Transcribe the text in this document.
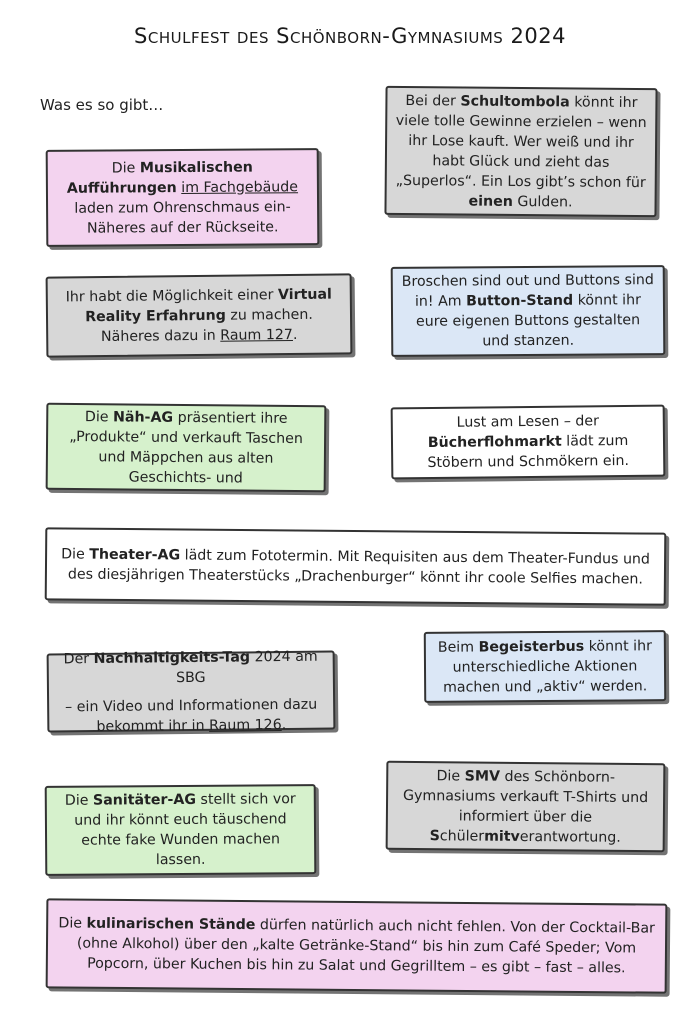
Schulfest des Schönborn-Gymnasiums 2024
Was es so gibt…

Die Musikalischen Aufführungen im Fachgebäude laden zum Ohrenschmaus ein- Näheres auf der Rückseite.

Bei der Schultombola könnt ihr viele tolle Gewinne erzielen – wenn ihr Lose kauft. Wer weiß und ihr habt Glück und zieht das „Superlos“. Ein Los gibt’s schon für einen Gulden.

Ihr habt die Möglichkeit einer Virtual Reality Erfahrung zu machen. Näheres dazu in Raum 127.

Broschen sind out und Buttons sind in! Am Button-Stand könnt ihr eure eigenen Buttons gestalten und stanzen.

Die Näh-AG präsentiert ihre „Produkte“ und verkauft Taschen und Mäppchen aus alten Geschichts- und

Lust am Lesen – der Bücherflohmarkt lädt zum Stöbern und Schmökern ein.

Die Theater-AG lädt zum Fototermin. Mit Requisiten aus dem Theater-Fundus und des diesjährigen Theaterstücks „Drachenburger“ könnt ihr coole Selfies machen.

Beim Begeisterbus könnt ihr unterschiedliche Aktionen machen und „aktiv“ werden.

Der Nachhaltigkeits-Tag 2024 am SBG

– ein Video und Informationen dazu bekommt ihr in Raum 126.

Die SMV des Schönborn-Gymnasiums verkauft T-Shirts und informiert über die Schülermitverantwortung.

Die Sanitäter-AG stellt sich vor und ihr könnt euch täuschend echte fake Wunden machen lassen.

Die kulinarischen Stände dürfen natürlich auch nicht fehlen. Von der Cocktail-Bar (ohne Alkohol) über den „kalte Getränke-Stand“ bis hin zum Café Speder; Vom Popcorn, über Kuchen bis hin zu Salat und Gegrilltem – es gibt – fast – alles.
